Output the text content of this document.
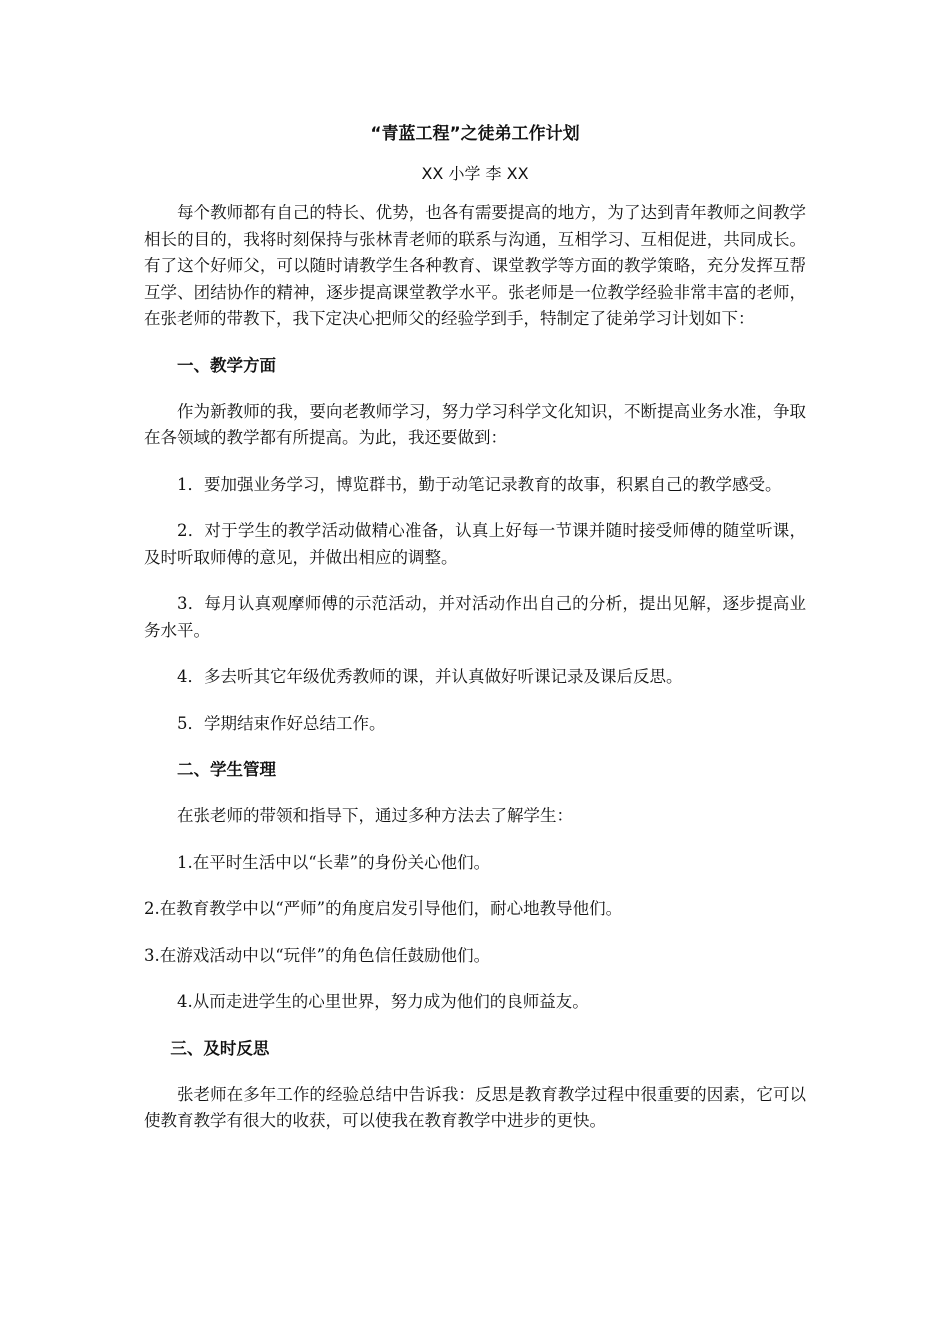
“青蓝工程”之徒弟工作计划
XX 小学 李 XX

每个教师都有自己的特长、优势，也各有需要提高的地方，为了达到青年教师之间教学相长的目的，我将时刻保持与张林青老师的联系与沟通，互相学习、互相促进，共同成长。有了这个好师父，可以随时请教学生各种教育、课堂教学等方面的教学策略，充分发挥互帮互学、团结协作的精神，逐步提高课堂教学水平。张老师是一位教学经验非常丰富的老师，在张老师的带教下，我下定决心把师父的经验学到手，特制定了徒弟学习计划如下：

一、教学方面

作为新教师的我，要向老教师学习，努力学习科学文化知识，不断提高业务水准，争取在各领域的教学都有所提高。为此，我还要做到：

1．要加强业务学习，博览群书，勤于动笔记录教育的故事，积累自己的教学感受。

2．对于学生的教学活动做精心准备，认真上好每一节课并随时接受师傅的随堂听课，及时听取师傅的意见，并做出相应的调整。

3．每月认真观摩师傅的示范活动，并对活动作出自己的分析，提出见解，逐步提高业务水平。

4．多去听其它年级优秀教师的课，并认真做好听课记录及课后反思。

5．学期结束作好总结工作。

二、学生管理

在张老师的带领和指导下，通过多种方法去了解学生：

1.在平时生活中以“长辈”的身份关心他们。

2.在教育教学中以“严师”的角度启发引导他们，耐心地教导他们。

3.在游戏活动中以“玩伴”的角色信任鼓励他们。

4.从而走进学生的心里世界，努力成为他们的良师益友。

三、及时反思

张老师在多年工作的经验总结中告诉我：反思是教育教学过程中很重要的因素，它可以使教育教学有很大的收获，可以使我在教育教学中进步的更快。
